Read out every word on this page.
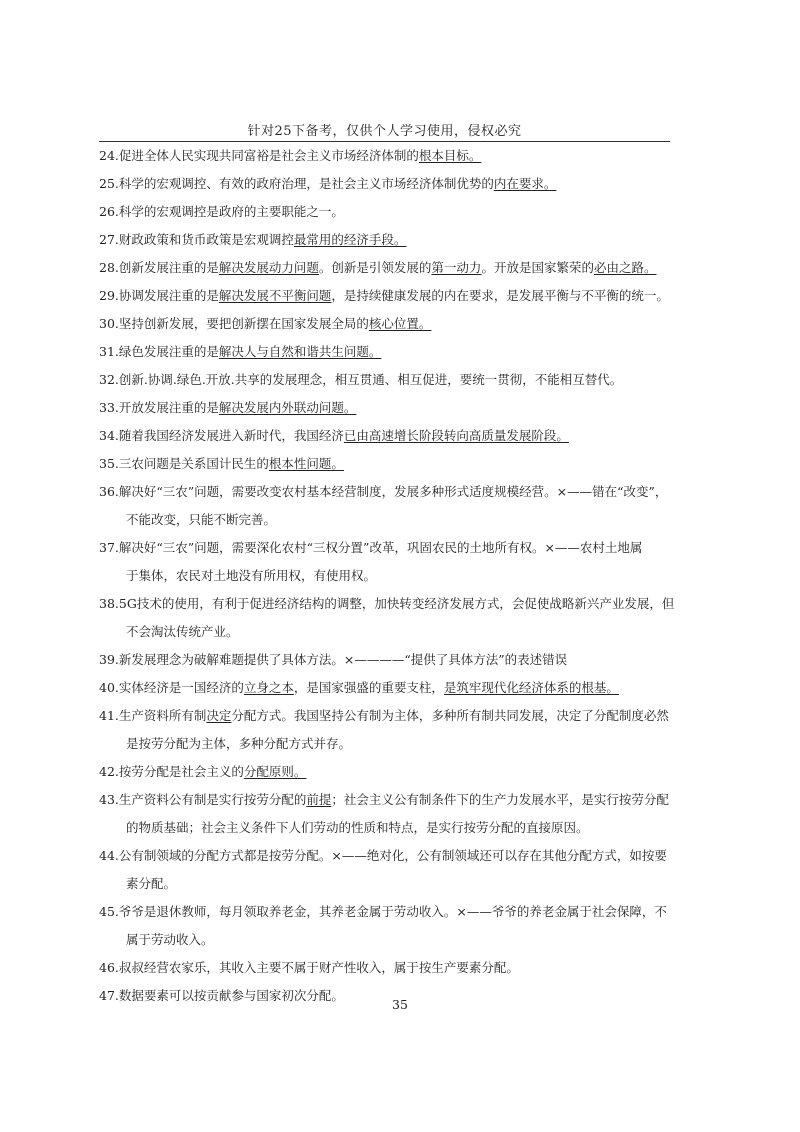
针对25下备考，仅供个人学习使用，侵权必究
24.促进全体人民实现共同富裕是社会主义市场经济体制的根本目标。
25.科学的宏观调控、有效的政府治理，是社会主义市场经济体制优势的内在要求。
26.科学的宏观调控是政府的主要职能之一。
27.财政政策和货币政策是宏观调控最常用的经济手段。
28.创新发展注重的是解决发展动力问题。创新是引领发展的第一动力。开放是国家繁荣的必由之路。
29.协调发展注重的是解决发展不平衡问题，是持续健康发展的内在要求，是发展平衡与不平衡的统一。
30.坚持创新发展，要把创新摆在国家发展全局的核心位置。
31.绿色发展注重的是解决人与自然和谐共生问题。
32.创新.协调.绿色.开放.共享的发展理念，相互贯通、相互促进，要统一贯彻，不能相互替代。
33.开放发展注重的是解决发展内外联动问题。
34.随着我国经济发展进入新时代，我国经济已由高速增长阶段转向高质量发展阶段。
35.三农问题是关系国计民生的根本性问题。
36.解决好“三农”问题，需要改变农村基本经营制度，发展多种形式适度规模经营。×——错在“改变”，
不能改变，只能不断完善。
37.解决好“三农”问题，需要深化农村“三权分置”改革，巩固农民的土地所有权。×——农村土地属
于集体，农民对土地没有所用权，有使用权。
38.5G技术的使用，有利于促进经济结构的调整，加快转变经济发展方式，会促使战略新兴产业发展，但
不会淘汰传统产业。
39.新发展理念为破解难题提供了具体方法。×————“提供了具体方法”的表述错误
40.实体经济是一国经济的立身之本，是国家强盛的重要支柱，是筑牢现代化经济体系的根基。
41.生产资料所有制决定分配方式。我国坚持公有制为主体，多种所有制共同发展，决定了分配制度必然
是按劳分配为主体，多种分配方式并存。
42.按劳分配是社会主义的分配原则。
43.生产资料公有制是实行按劳分配的前提；社会主义公有制条件下的生产力发展水平，是实行按劳分配
的物质基础；社会主义条件下人们劳动的性质和特点，是实行按劳分配的直接原因。
44.公有制领域的分配方式都是按劳分配。×——绝对化，公有制领域还可以存在其他分配方式，如按要
素分配。
45.爷爷是退休教师，每月领取养老金，其养老金属于劳动收入。×——爷爷的养老金属于社会保障，不
属于劳动收入。
46.叔叔经营农家乐，其收入主要不属于财产性收入，属于按生产要素分配。
47.数据要素可以按贡献参与国家初次分配。
35
